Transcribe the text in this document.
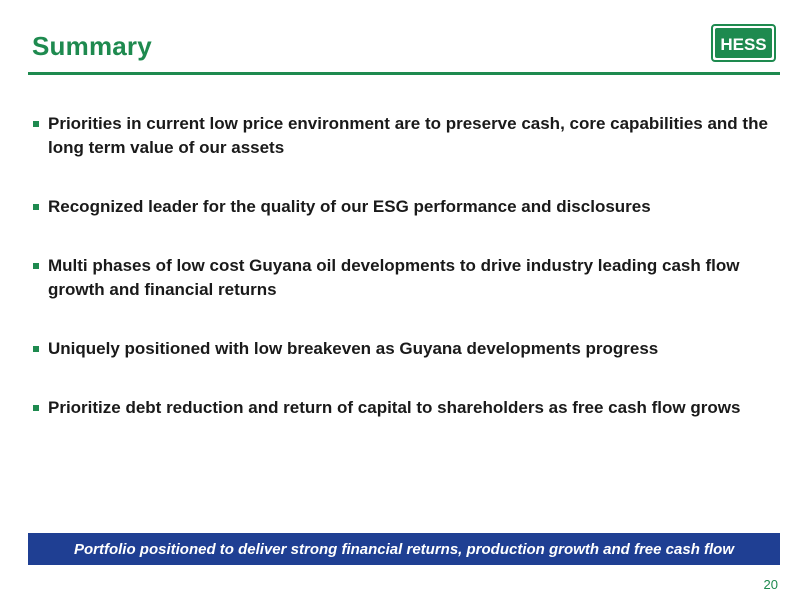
Summary	HESS
Priorities in current low price environment are to preserve cash, core capabilities and the long term value of our assets
Recognized leader for the quality of our ESG performance and disclosures
Multi phases of low cost Guyana oil developments to drive industry leading cash flow growth and financial returns
Uniquely positioned with low breakeven as Guyana developments progress
Prioritize debt reduction and return of capital to shareholders as free cash flow grows
Portfolio positioned to deliver strong financial returns, production growth and free cash flow
20
